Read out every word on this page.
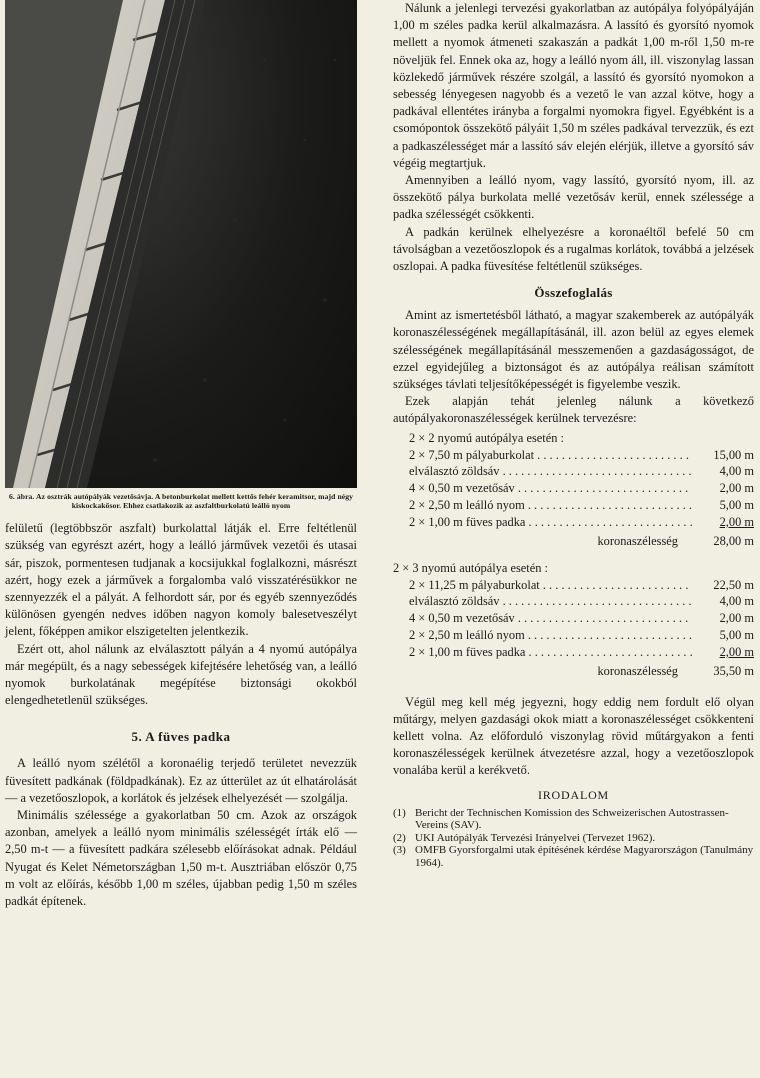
6. ábra. Az osztrák autópályák vezetősávja. A betonburkolat mellett kettős fehér keramitsor, majd négy kiskockakősor. Ehhez csatlakozik az aszfaltburkolatú leálló nyom

felületű (legtöbbször aszfalt) burkolattal látják el. Erre feltétlenül szükség van egyrészt azért, hogy a leálló járművek vezetői és utasai sár, piszok, pormentesen tudjanak a kocsijukkal foglalkozni, másrészt azért, hogy ezek a járművek a forgalomba való visszatérésükkor ne szennyezzék el a pályát. A felhordott sár, por és egyéb szennyeződés különösen gyengén nedves időben nagyon komoly balesetveszélyt jelent, főképpen amikor elszigetelten jelentkezik.

Ezért ott, ahol nálunk az elválasztott pályán a 4 nyomú autópálya már megépült, és a nagy sebességek kifejtésére lehetőség van, a leálló nyomok burkolatának megépítése biztonsági okokból elengedhetetlenül szükséges.

5. A füves padka

A leálló nyom szélétől a koronaélig terjedő területet nevezzük füvesített padkának (földpadkának). Ez az útterület az út elhatárolását — a vezetőoszlopok, a korlátok és jelzések elhelyezését — szolgálja.

Minimális szélessége a gyakorlatban 50 cm. Azok az országok azonban, amelyek a leálló nyom minimális szélességét írták elő — 2,50 m-t — a füvesített padkára szélesebb előírásokat adnak. Például Nyugat és Kelet Németországban 1,50 m-t. Ausztriában először 0,75 m volt az előírás, később 1,00 m széles, újabban pedig 1,50 m széles padkát építenek.

Nálunk a jelenlegi tervezési gyakorlatban az autópálya folyópályáján 1,00 m széles padka kerül alkalmazásra. A lassító és gyorsító nyomok mellett a nyomok átmeneti szakaszán a padkát 1,00 m-ről 1,50 m-re növeljük fel. Ennek oka az, hogy a leálló nyom áll, ill. viszonylag lassan közlekedő járművek részére szolgál, a lassító és gyorsító nyomokon a sebesség lényegesen nagyobb és a vezető le van azzal kötve, hogy a padkával ellentétes irányba a forgalmi nyomokra figyel. Egyébként is a csomópontok összekötő pályáit 1,50 m széles padkával tervezzük, és ezt a padkaszélességet már a lassító sáv elején elérjük, illetve a gyorsító sáv végéig megtartjuk.

Amennyiben a leálló nyom, vagy lassító, gyorsító nyom, ill. az összekötő pálya burkolata mellé vezetősáv kerül, ennek szélessége a padka szélességét csökkenti.

A padkán kerülnek elhelyezésre a koronaéltől befelé 50 cm távolságban a vezetőoszlopok és a rugalmas korlátok, továbbá a jelzések oszlopai. A padka füvesítése feltétlenül szükséges.

Összefoglalás

Amint az ismertetésből látható, a magyar szakemberek az autópályák koronaszélességének megállapításánál, ill. azon belül az egyes elemek szélességének megállapításánál messzemenően a gazdaságosságot, de ezzel egyidejűleg a biztonságot és az autópálya reálisan számított szükséges távlati teljesítőképességét is figyelembe veszik.

Ezek alapján tehát jelenleg nálunk a következő autópályakoronaszélességek kerülnek tervezésre:

2 × 2 nyomú autópálya esetén :
2 × 7,50 m pályaburkolat . . .	15,00 m
elválasztó zöldsáv . . .	4,00 m
4 × 0,50 m vezetősáv . . .	2,00 m
2 × 2,50 m leálló nyom . . .	5,00 m
2 × 1,00 m füves padka . . .	2,00 m
koronaszélesség	28,00 m
2 × 3 nyomú autópálya esetén :
2 × 11,25 m pályaburkolat . . .	22,50 m
elválasztó zöldsáv . . .	4,00 m
4 × 0,50 m vezetősáv . . .	2,00 m
2 × 2,50 m leálló nyom . . .	5,00 m
2 × 1,00 m füves padka . . .	2,00 m
koronaszélesség	35,50 m

Végül meg kell még jegyezni, hogy eddig nem fordult elő olyan műtárgy, melyen gazdasági okok miatt a koronaszélességet csökkenteni kellett volna. Az előforduló viszonylag rövid műtárgyakon a fenti koronaszélességek kerülnek átvezetésre azzal, hogy a vezetőoszlopok vonalába kerül a kerékvető.

IRODALOM
(1) Bericht der Technischen Komission des Schweizerischen Autostrassen-Vereins (SAV).
(2) UKI Autópályák Tervezési Irányelvei (Tervezet 1962).
(3) OMFB Gyorsforgalmi utak építésének kérdése Magyarországon (Tanulmány 1964).
